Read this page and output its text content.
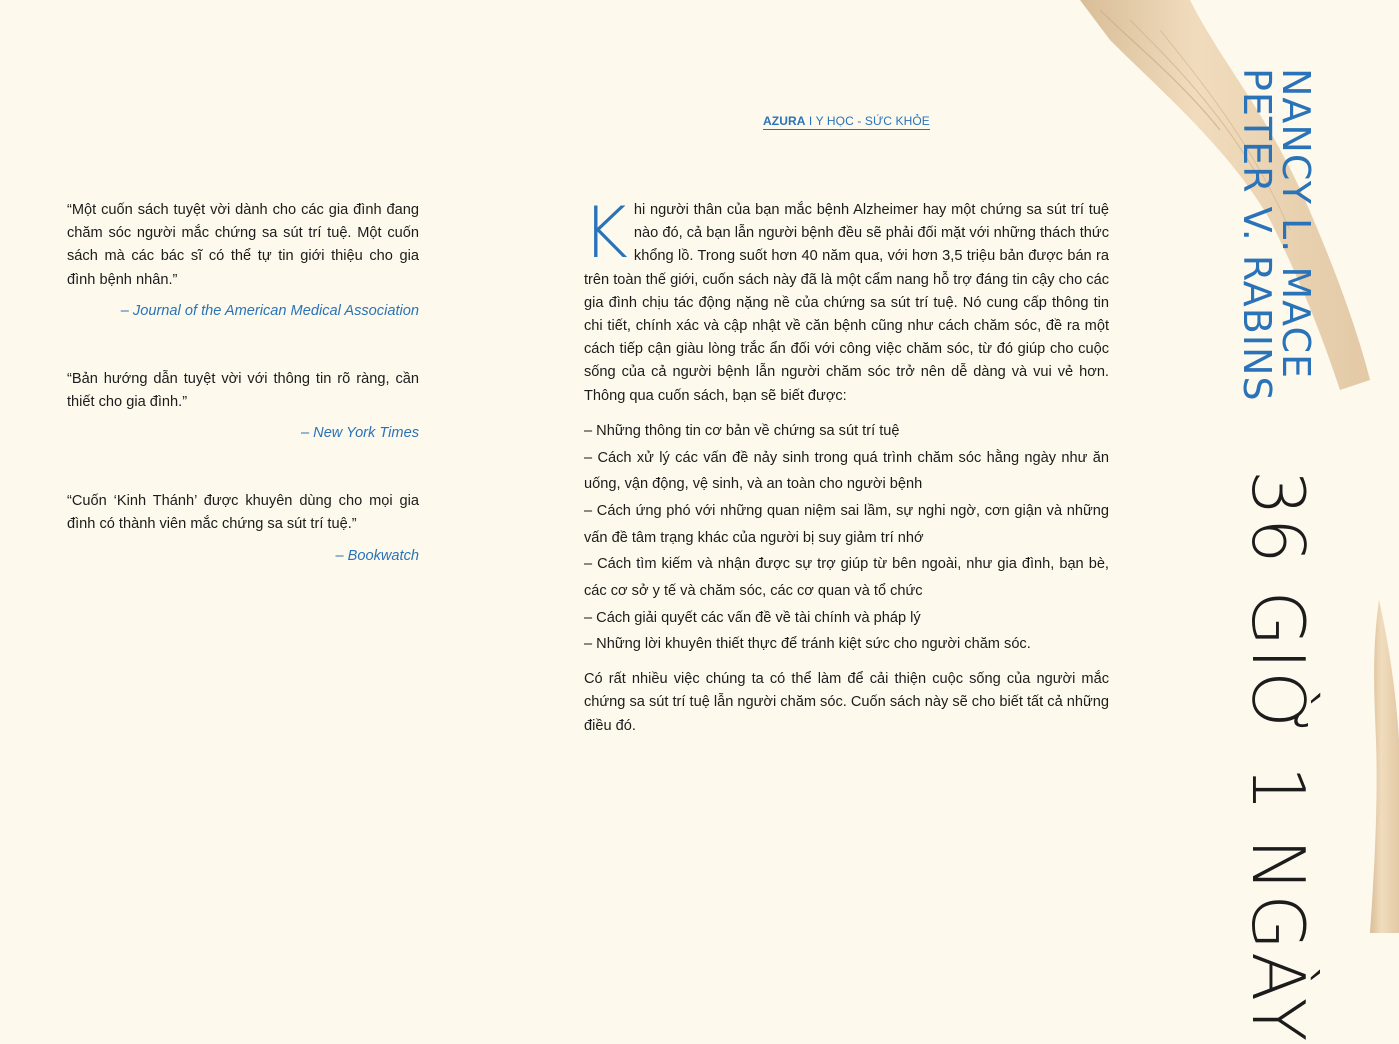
AZURA I Y HỌC - SỨC KHỎE

“Một cuốn sách tuyệt vời dành cho các gia đình đang chăm sóc người mắc chứng sa sút trí tuệ. Một cuốn sách mà các bác sĩ có thể tự tin giới thiệu cho gia đình bệnh nhân.”

– Journal of the American Medical Association

“Bản hướng dẫn tuyệt vời với thông tin rõ ràng, cần thiết cho gia đình.”

– New York Times

“Cuốn ‘Kinh Thánh’ được khuyên dùng cho mọi gia đình có thành viên mắc chứng sa sút trí tuệ.”

– Bookwatch

Khi người thân của bạn mắc bệnh Alzheimer hay một chứng sa sút trí tuệ nào đó, cả bạn lẫn người bệnh đều sẽ phải đối mặt với những thách thức khổng lồ. Trong suốt hơn 40 năm qua, với hơn 3,5 triệu bản được bán ra trên toàn thế giới, cuốn sách này đã là một cẩm nang hỗ trợ đáng tin cậy cho các gia đình chịu tác động nặng nề của chứng sa sút trí tuệ. Nó cung cấp thông tin chi tiết, chính xác và cập nhật về căn bệnh cũng như cách chăm sóc, đề ra một cách tiếp cận giàu lòng trắc ẩn đối với công việc chăm sóc, từ đó giúp cho cuộc sống của cả người bệnh lẫn người chăm sóc trở nên dễ dàng và vui vẻ hơn. Thông qua cuốn sách, bạn sẽ biết được:

– Những thông tin cơ bản về chứng sa sút trí tuệ
– Cách xử lý các vấn đề nảy sinh trong quá trình chăm sóc hằng ngày như ăn uống, vận động, vệ sinh, và an toàn cho người bệnh
– Cách ứng phó với những quan niệm sai lầm, sự nghi ngờ, cơn giận và những vấn đề tâm trạng khác của người bị suy giảm trí nhớ
– Cách tìm kiếm và nhận được sự trợ giúp từ bên ngoài, như gia đình, bạn bè, các cơ sở y tế và chăm sóc, các cơ quan và tổ chức
– Cách giải quyết các vấn đề về tài chính và pháp lý
– Những lời khuyên thiết thực để tránh kiệt sức cho người chăm sóc.

Có rất nhiều việc chúng ta có thể làm để cải thiện cuộc sống của người mắc chứng sa sút trí tuệ lẫn người chăm sóc. Cuốn sách này sẽ cho biết tất cả những điều đó.

NANCY L. MACE
PETER V. RABINS
36 GIỜ 1 NGÀY
